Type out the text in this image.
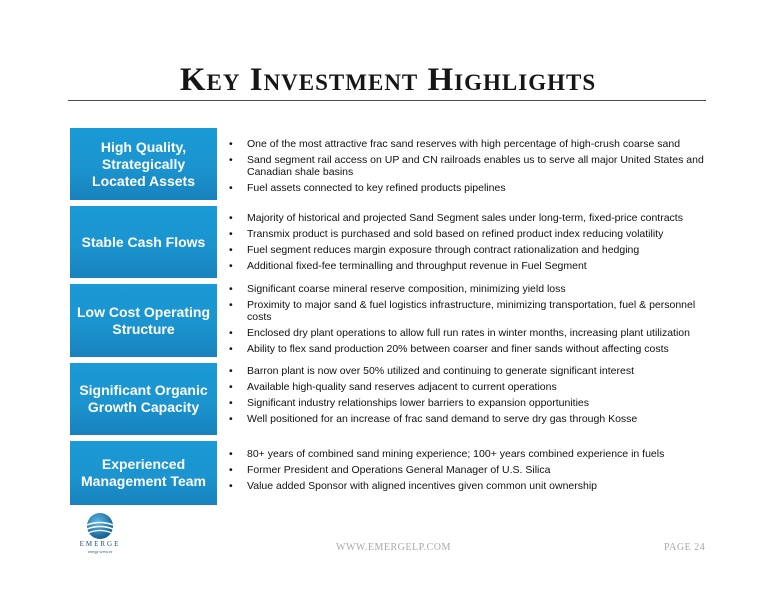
Key Investment Highlights
High Quality,
Strategically
Located Assets
• One of the most attractive frac sand reserves with high percentage of high-crush coarse sand
• Sand segment rail access on UP and CN railroads enables us to serve all major United States and Canadian shale basins
• Fuel assets connected to key refined products pipelines
Stable Cash Flows
• Majority of historical and projected Sand Segment sales under long-term, fixed-price contracts
• Transmix product is purchased and sold based on refined product index reducing volatility
• Fuel segment reduces margin exposure through contract rationalization and hedging
• Additional fixed-fee terminalling and throughput revenue in Fuel Segment
Low Cost Operating
Structure
• Significant coarse mineral reserve composition, minimizing yield loss
• Proximity to major sand & fuel logistics infrastructure, minimizing transportation, fuel & personnel costs
• Enclosed dry plant operations to allow full run rates in winter months, increasing plant utilization
• Ability to flex sand production 20% between coarser and finer sands without affecting costs
Significant Organic
Growth Capacity
• Barron plant is now over 50% utilized and continuing to generate significant interest
• Available high-quality sand reserves adjacent to current operations
• Significant industry relationships lower barriers to expansion opportunities
• Well positioned for an increase of frac sand demand to serve dry gas through Kosse
Experienced
Management Team
• 80+ years of combined sand mining experience; 100+ years combined experience in fuels
• Former President and Operations General Manager of U.S. Silica
• Value added Sponsor with aligned incentives given common unit ownership
EMERGE
energy services	WWW.EMERGELP.COM	PAGE 24
